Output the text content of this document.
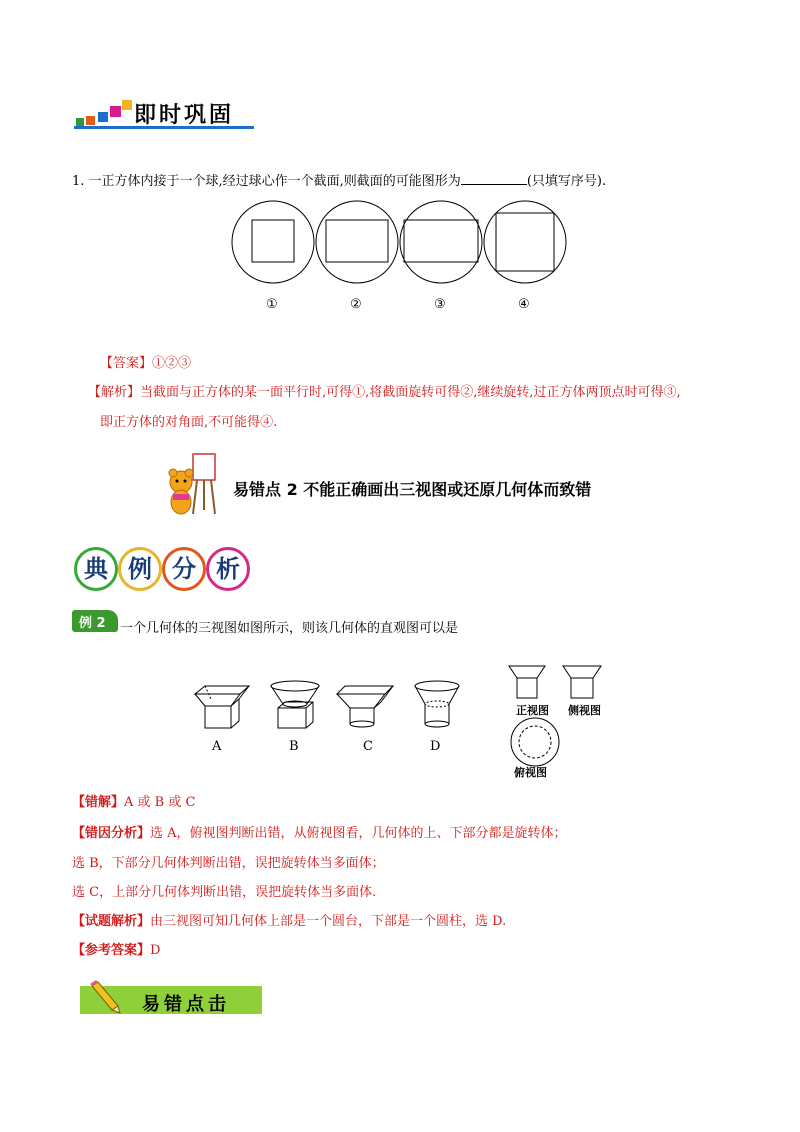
即时巩固
1. 一正方体内接于一个球,经过球心作一个截面,则截面的可能图形为	(只填写序号).
①	②	③	④
【答案】①②③
【解析】当截面与正方体的某一面平行时,可得①,将截面旋转可得②,继续旋转,过正方体两顶点时可得③,
即正方体的对角面,不可能得④.
易错点 2 不能正确画出三视图或还原几何体而致错
典 例 分 析
例 2 一个几何体的三视图如图所示，则该几何体的直观图可以是
A	B	C	D
正视图 侧视图
俯视图
【错解】A 或 B 或 C
【错因分析】选 A，俯视图判断出错，从俯视图看，几何体的上、下部分都是旋转体；
选 B，下部分几何体判断出错，误把旋转体当多面体；
选 C，上部分几何体判断出错，误把旋转体当多面体.
【试题解析】由三视图可知几何体上部是一个圆台，下部是一个圆柱，选 D.
【参考答案】D
易错点击
